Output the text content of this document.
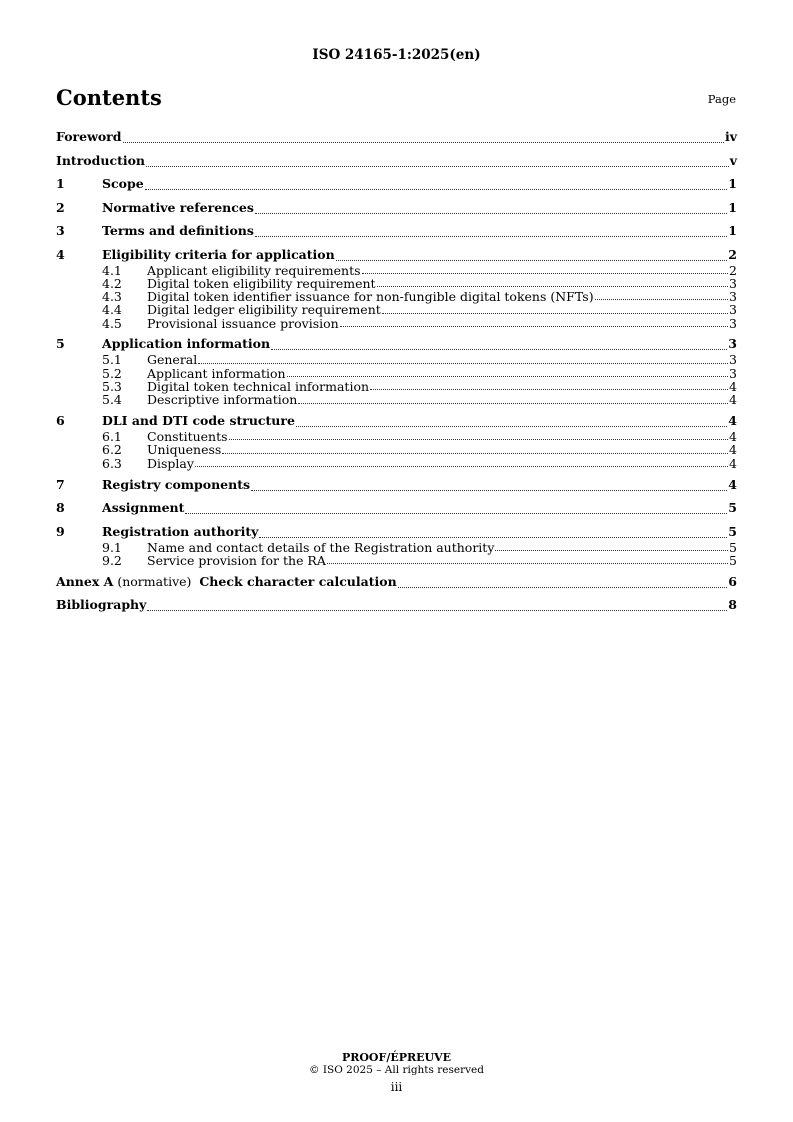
ISO 24165-1:2025(en)
Contents	Page
Foreword	iv
Introduction	v
1	Scope	1
2	Normative references	1
3	Terms and definitions	1
4	Eligibility criteria for application	2
4.1	Applicant eligibility requirements	2
4.2	Digital token eligibility requirement	3
4.3	Digital token identifier issuance for non-fungible digital tokens (NFTs)	3
4.4	Digital ledger eligibility requirement	3
4.5	Provisional issuance provision	3
5	Application information	3
5.1	General	3
5.2	Applicant information	3
5.3	Digital token technical information	4
5.4	Descriptive information	4
6	DLI and DTI code structure	4
6.1	Constituents	4
6.2	Uniqueness	4
6.3	Display	4
7	Registry components	4
8	Assignment	5
9	Registration authority	5
9.1	Name and contact details of the Registration authority	5
9.2	Service provision for the RA	5
Annex A (normative)  Check character calculation	6
Bibliography	8
PROOF/ÉPREUVE
© ISO 2025 – All rights reserved
iii
